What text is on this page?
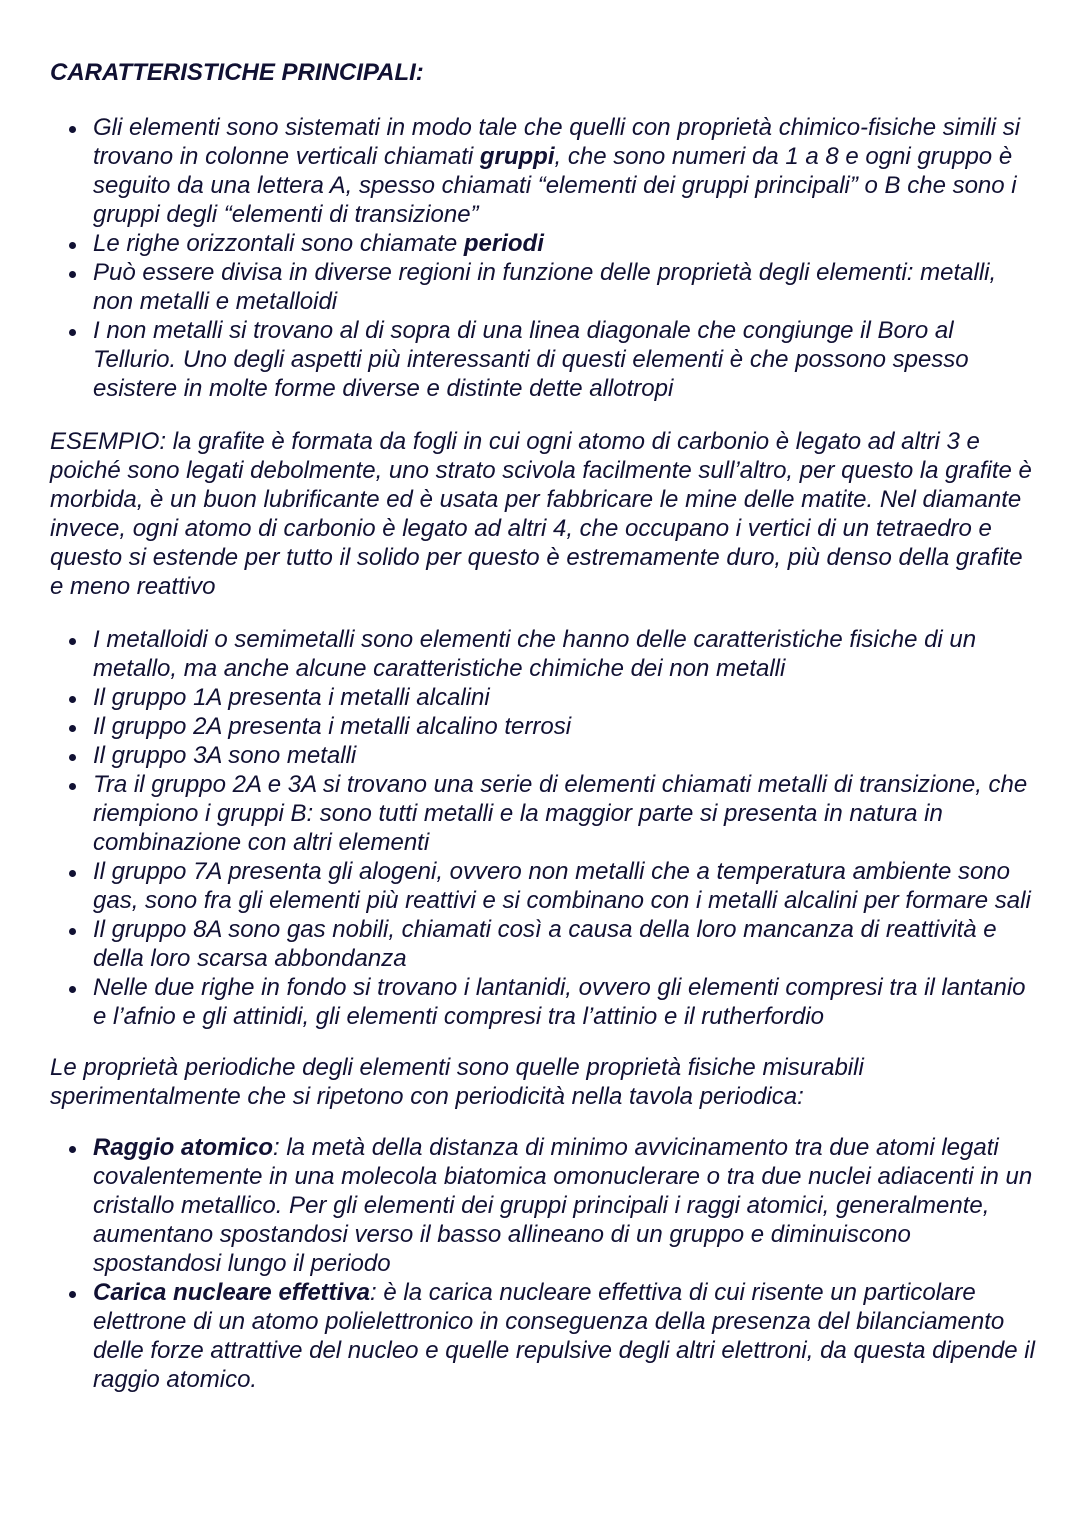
CARATTERISTICHE PRINCIPALI:
Gli elementi sono sistemati in modo tale che quelli con proprietà chimico-fisiche simili si trovano in colonne verticali chiamati gruppi, che sono numeri da 1 a 8 e ogni gruppo è seguito da una lettera A, spesso chiamati “elementi dei gruppi principali” o B che sono i gruppi degli “elementi di transizione”
Le righe orizzontali sono chiamate periodi
Può essere divisa in diverse regioni in funzione delle proprietà degli elementi: metalli, non metalli e metalloidi
I non metalli si trovano al di sopra di una linea diagonale che congiunge il Boro al Tellurio. Uno degli aspetti più interessanti di questi elementi è che possono spesso esistere in molte forme diverse e distinte dette allotropi

ESEMPIO: la grafite è formata da fogli in cui ogni atomo di carbonio è legato ad altri 3 e poiché sono legati debolmente, uno strato scivola facilmente sull’altro, per questo la grafite è morbida, è un buon lubrificante ed è usata per fabbricare le mine delle matite. Nel diamante invece, ogni atomo di carbonio è legato ad altri 4, che occupano i vertici di un tetraedro e questo si estende per tutto il solido per questo è estremamente duro, più denso della grafite e meno reattivo

I metalloidi o semimetalli sono elementi che hanno delle caratteristiche fisiche di un metallo, ma anche alcune caratteristiche chimiche dei non metalli
Il gruppo 1A presenta i metalli alcalini
Il gruppo 2A presenta i metalli alcalino terrosi
Il gruppo 3A sono metalli
Tra il gruppo 2A e 3A si trovano una serie di elementi chiamati metalli di transizione, che riempiono i gruppi B: sono tutti metalli e la maggior parte si presenta in natura in combinazione con altri elementi
Il gruppo 7A presenta gli alogeni, ovvero non metalli che a temperatura ambiente sono gas, sono fra gli elementi più reattivi e si combinano con i metalli alcalini per formare sali
Il gruppo 8A sono gas nobili, chiamati così a causa della loro mancanza di reattività e della loro scarsa abbondanza
Nelle due righe in fondo si trovano i lantanidi, ovvero gli elementi compresi tra il lantanio e l’afnio e gli attinidi, gli elementi compresi tra l’attinio e il rutherfordio

Le proprietà periodiche degli elementi sono quelle proprietà fisiche misurabili sperimentalmente che si ripetono con periodicità nella tavola periodica:

Raggio atomico: la metà della distanza di minimo avvicinamento tra due atomi legati covalentemente in una molecola biatomica omonuclerare o tra due nuclei adiacenti in un cristallo metallico. Per gli elementi dei gruppi principali i raggi atomici, generalmente, aumentano spostandosi verso il basso allineano di un gruppo e diminuiscono spostandosi lungo il periodo
Carica nucleare effettiva: è la carica nucleare effettiva di cui risente un particolare elettrone di un atomo polielettronico in conseguenza della presenza del bilanciamento delle forze attrattive del nucleo e quelle repulsive degli altri elettroni, da questa dipende il raggio atomico.
